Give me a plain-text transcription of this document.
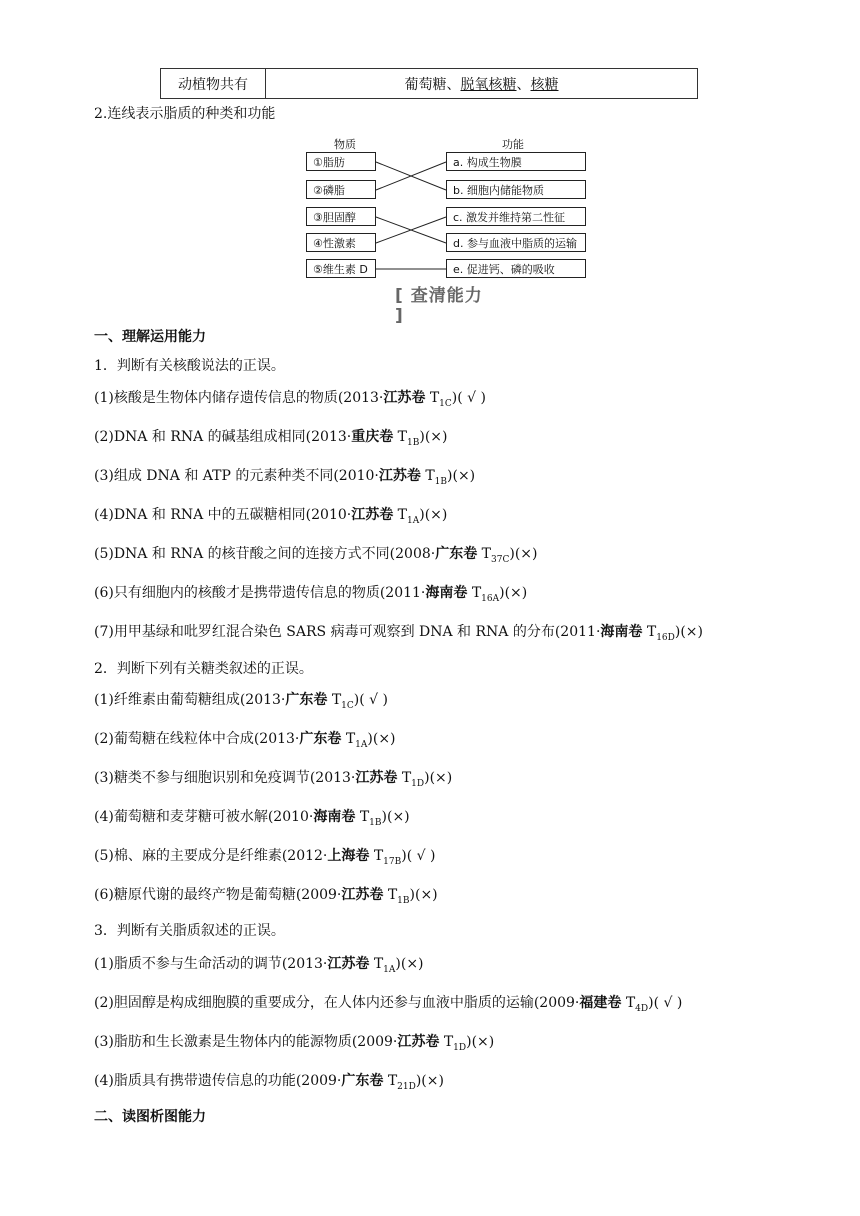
动植物共有	葡萄糖 、 脱氧核糖 、 核糖
2.连线表示脂质的种类和功能
物质	功能
①脂肪
②磷脂
③胆固醇
④性激素
⑤维生素 D
a. 构成生物膜
b. 细胞内储能物质
c. 激发并维持第二性征
d. 参与血液中脂质的运输
e. 促进钙、磷的吸收
[ 查清能力 ]
一、理解运用能力
1．判断有关核酸说法的正误。
2．判断下列有关糖类叙述的正误。
3．判断有关脂质叙述的正误。
二、读图析图能力
(1)核酸是生物体内储存遗传信息的物质(2013·江苏卷 $T_{1C}$)( √ )
(2)DNA 和 RNA 的碱基组成相同(2013·重庆卷 $T_{1B})(\times)$
(3)组成 DNA 和 ATP 的元素种类不同(2010·江苏卷 $T_{1B})(\times)$
(4)DNA 和 RNA 中的五碳糖相同(2010·江苏卷 $T_{1A})(\times)$
(5)DNA 和 RNA 的核苷酸之间的连接方式不同(2008·广东卷 $T_{37C})(\times)$
(6)只有细胞内的核酸才是携带遗传信息的物质(2011·海南卷 $T_{16A})(\times)$
(7)用甲基绿和吡罗红混合染色 SARS 病毒可观察到 DNA 和 RNA 的分布(2011·海南卷 $T_{16D})(\times)$
(1)纤维素由葡萄糖组成(2013·广东卷 $T_{1C}$)( √ )
(2)葡萄糖在线粒体中合成(2013·广东卷 $T_{1A})(\times)$
(3)糖类不参与细胞识别和免疫调节(2013·江苏卷 $T_{1D})(\times)$
(4)葡萄糖和麦芽糖可被水解(2010·海南卷 $T_{1B})(\times)$
(5)棉、麻的主要成分是纤维素(2012·上海卷 $T_{17B}$)( √ )
(6)糖原代谢的最终产物是葡萄糖(2009·江苏卷 $T_{1B})(\times)$
(1)脂质不参与生命活动的调节(2013·江苏卷 $T_{1A})(\times)$
(2)胆固醇是构成细胞膜的重要成分，在人体内还参与血液中脂质的运输(2009·福建卷 $T_{4D}$)( √ )
(3)脂肪和生长激素是生物体内的能源物质(2009·江苏卷 $T_{1D})(\times)$
(4)脂质具有携带遗传信息的功能(2009·广东卷 $T_{21D})(\times)$
